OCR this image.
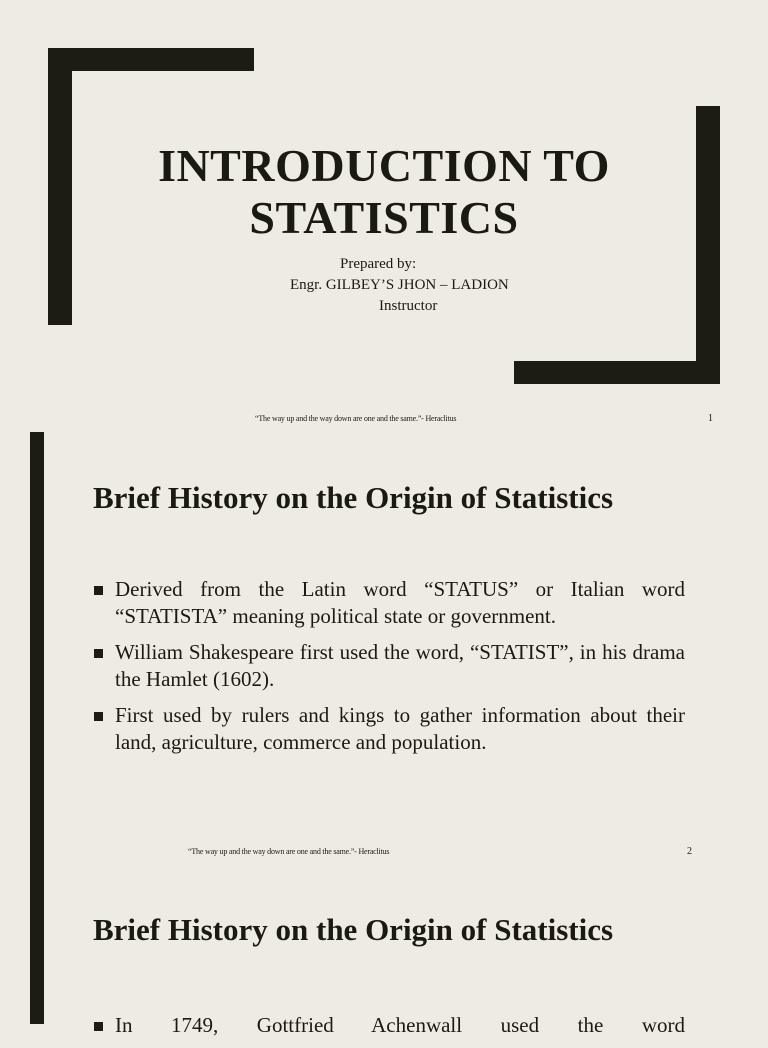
INTRODUCTION TO
STATISTICS
Prepared by:
Engr. GILBEY’S JHON – LADION
Instructor
“The way up and the way down are one and the same.”- Heraclitus	1
Brief History on the Origin of Statistics
Derived from the Latin word “STATUS” or Italian word “STATISTA” meaning political state or government.
William Shakespeare first used the word, “STATIST”, in his drama the Hamlet (1602).
First used by rulers and kings to gather information about their land, agriculture, commerce and population.
“The way up and the way down are one and the same.”- Heraclitus	2
Brief History on the Origin of Statistics
In 1749, Gottfried Achenwall used the word
